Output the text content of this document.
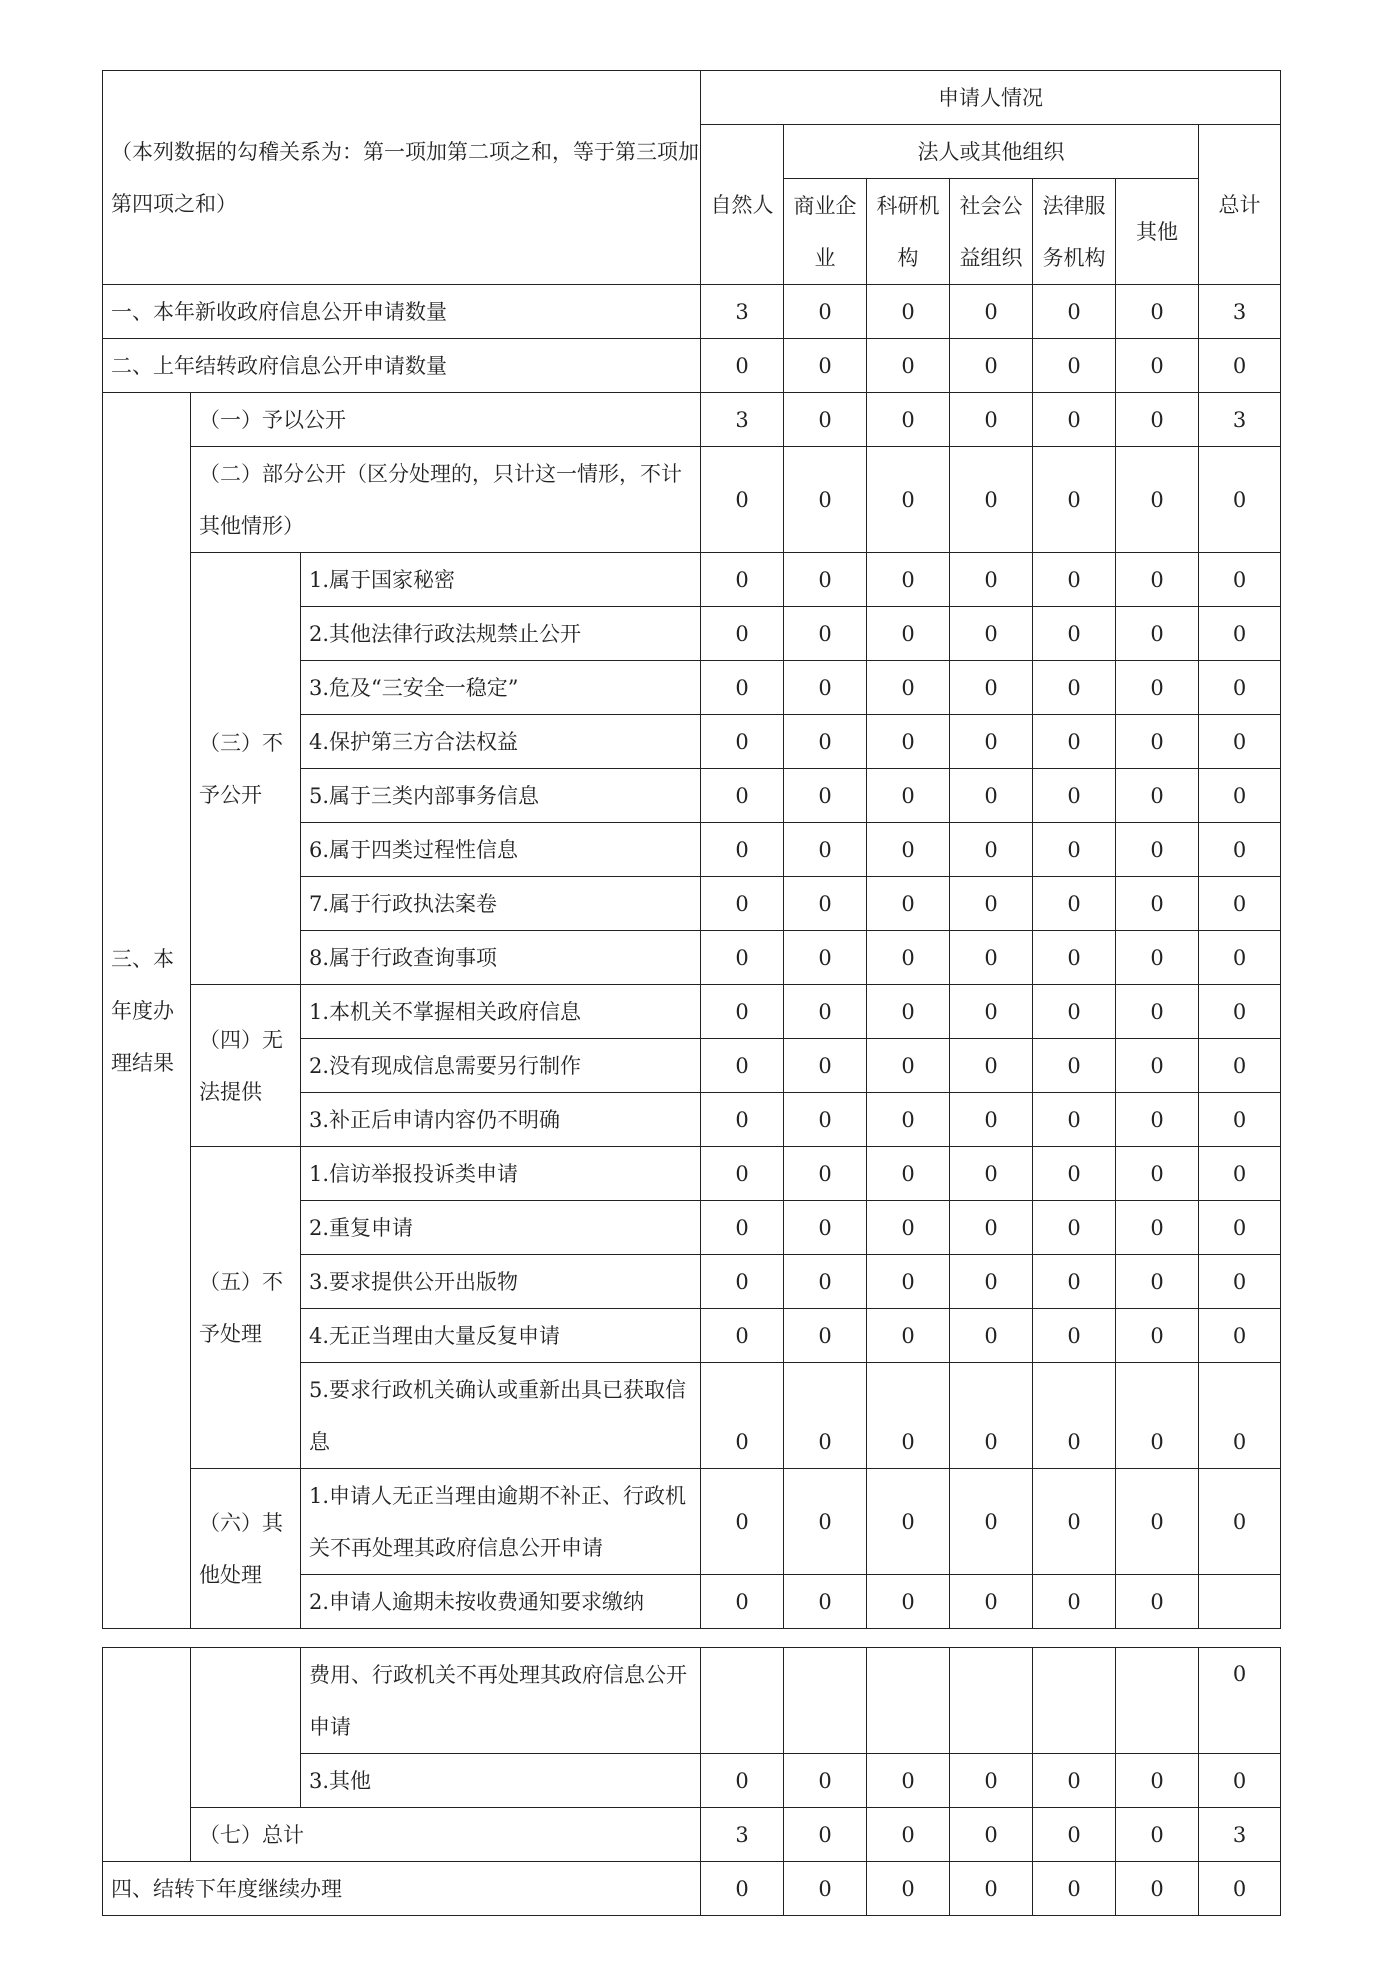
（本列数据的勾稽关系为：第一项加第二项之和，等于第三项加第四项之和）			申请人情况						
			自然人	法人或其他组织					总计
				商业企业	科研机构	社会公益组织	法律服务机构	其他	
一、本年新收政府信息公开申请数量			3	0	0	0	0	0	3
二、上年结转政府信息公开申请数量			0	0	0	0	0	0	0
三、本年度办理结果	（一）予以公开		3	0	0	0	0	0	3
	（二）部分公开（区分处理的，只计这一情形，不计其他情形）		0	0	0	0	0	0	0
	（三）不予公开	1.属于国家秘密	0	0	0	0	0	0	0
		2.其他法律行政法规禁止公开	0	0	0	0	0	0	0
		3.危及“三安全一稳定”	0	0	0	0	0	0	0
		4.保护第三方合法权益	0	0	0	0	0	0	0
		5.属于三类内部事务信息	0	0	0	0	0	0	0
		6.属于四类过程性信息	0	0	0	0	0	0	0
		7.属于行政执法案卷	0	0	0	0	0	0	0
		8.属于行政查询事项	0	0	0	0	0	0	0
	（四）无法提供	1.本机关不掌握相关政府信息	0	0	0	0	0	0	0
		2.没有现成信息需要另行制作	0	0	0	0	0	0	0
		3.补正后申请内容仍不明确	0	0	0	0	0	0	0
	（五）不予处理	1.信访举报投诉类申请	0	0	0	0	0	0	0
		2.重复申请	0	0	0	0	0	0	0
		3.要求提供公开出版物	0	0	0	0	0	0	0
		4.无正当理由大量反复申请	0	0	0	0	0	0	0
		5.要求行政机关确认或重新出具已获取信息	0	0	0	0	0	0	0
	（六）其他处理	1.申请人无正当理由逾期不补正、行政机关不再处理其政府信息公开申请	0	0	0	0	0	0	0
		2.申请人逾期未按收费通知要求缴纳	0	0	0	0	0	0	
		费用、行政机关不再处理其政府信息公开申请							0
		3.其他	0	0	0	0	0	0	0
	（七）总计		3	0	0	0	0	0	3
四、结转下年度继续办理			0	0	0	0	0	0	0
